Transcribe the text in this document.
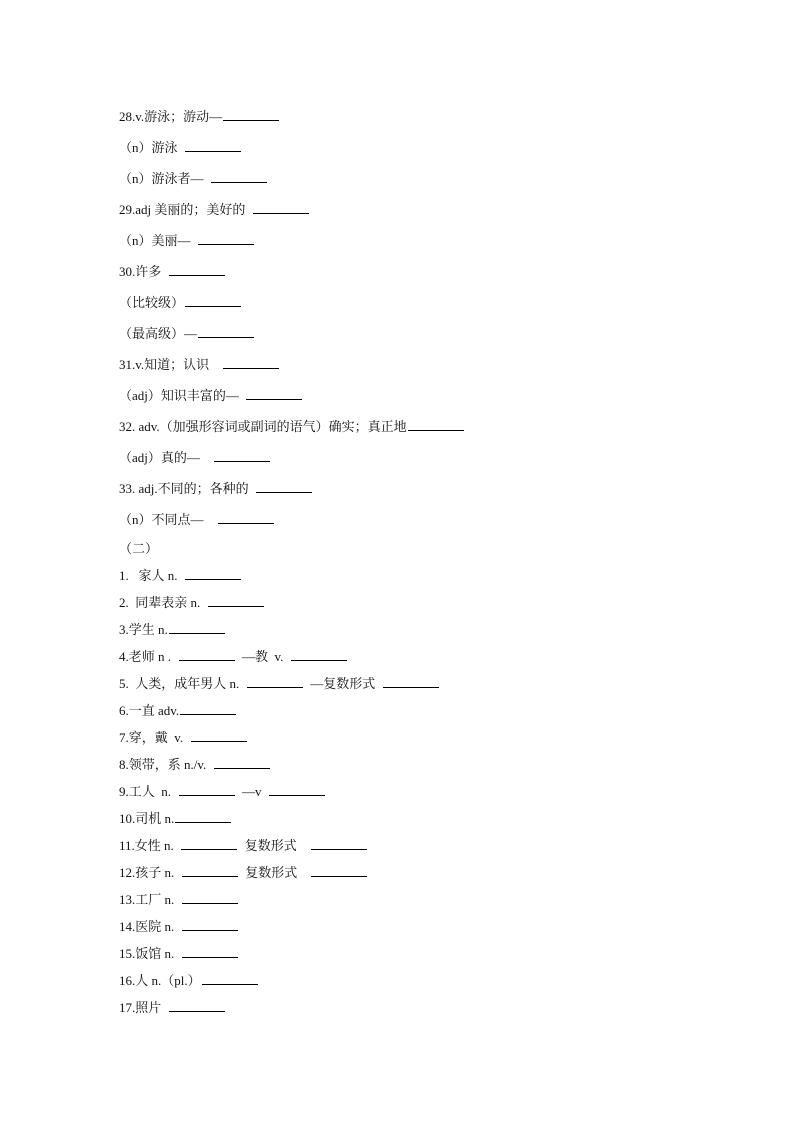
28.v.游泳；游动—
（n）游泳
（n）游泳者—
29.adj 美丽的；美好的
（n）美丽—
30.许多
（比较级）
（最高级）—
31.v.知道；认识
（adj）知识丰富的—
32. adv.（加强形容词或副词的语气）确实；真正地
（adj）真的—
33. adj.不同的；各种的
（n）不同点—
（二）
1.   家人 n.
2.  同辈表亲 n.
3.学生 n.
4.老师 n .	—教  v.
5.  人类，成年男人 n.	—复数形式
6.一直 adv.
7.穿，戴  v.
8.领带，系 n./v.
9.工人  n.	—v
10.司机 n.
11.女性 n.	复数形式
12.孩子 n.	复数形式
13.工厂 n.
14.医院 n.
15.饭馆 n.
16.人 n.（pl.）
17.照片
